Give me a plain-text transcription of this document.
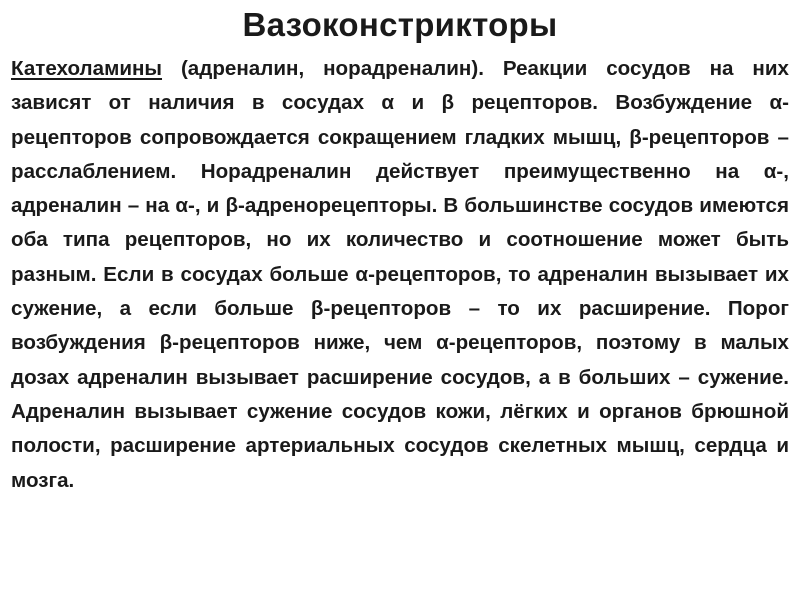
Вазоконстрикторы

Катехоламины (адреналин, норадреналин). Реакции сосудов на них зависят от наличия в сосудах α и β рецепторов. Возбуждение α-рецепторов сопровождается сокращением гладких мышц, β-рецепторов – расслаблением. Норадреналин действует преимущественно на α-, адреналин – на α-, и β-адренорецепторы. В большинстве сосудов имеются оба типа рецепторов, но их количество и соотношение может быть разным. Если в сосудах больше α-рецепторов, то адреналин вызывает их сужение, а если больше β-рецепторов – то их расширение. Порог возбуждения β-рецепторов ниже, чем α-рецепторов, поэтому в малых дозах адреналин вызывает расширение сосудов, а в больших – сужение. Адреналин вызывает сужение сосудов кожи, лёгких и органов брюшной полости, расширение артериальных сосудов скелетных мышц, сердца и мозга.
